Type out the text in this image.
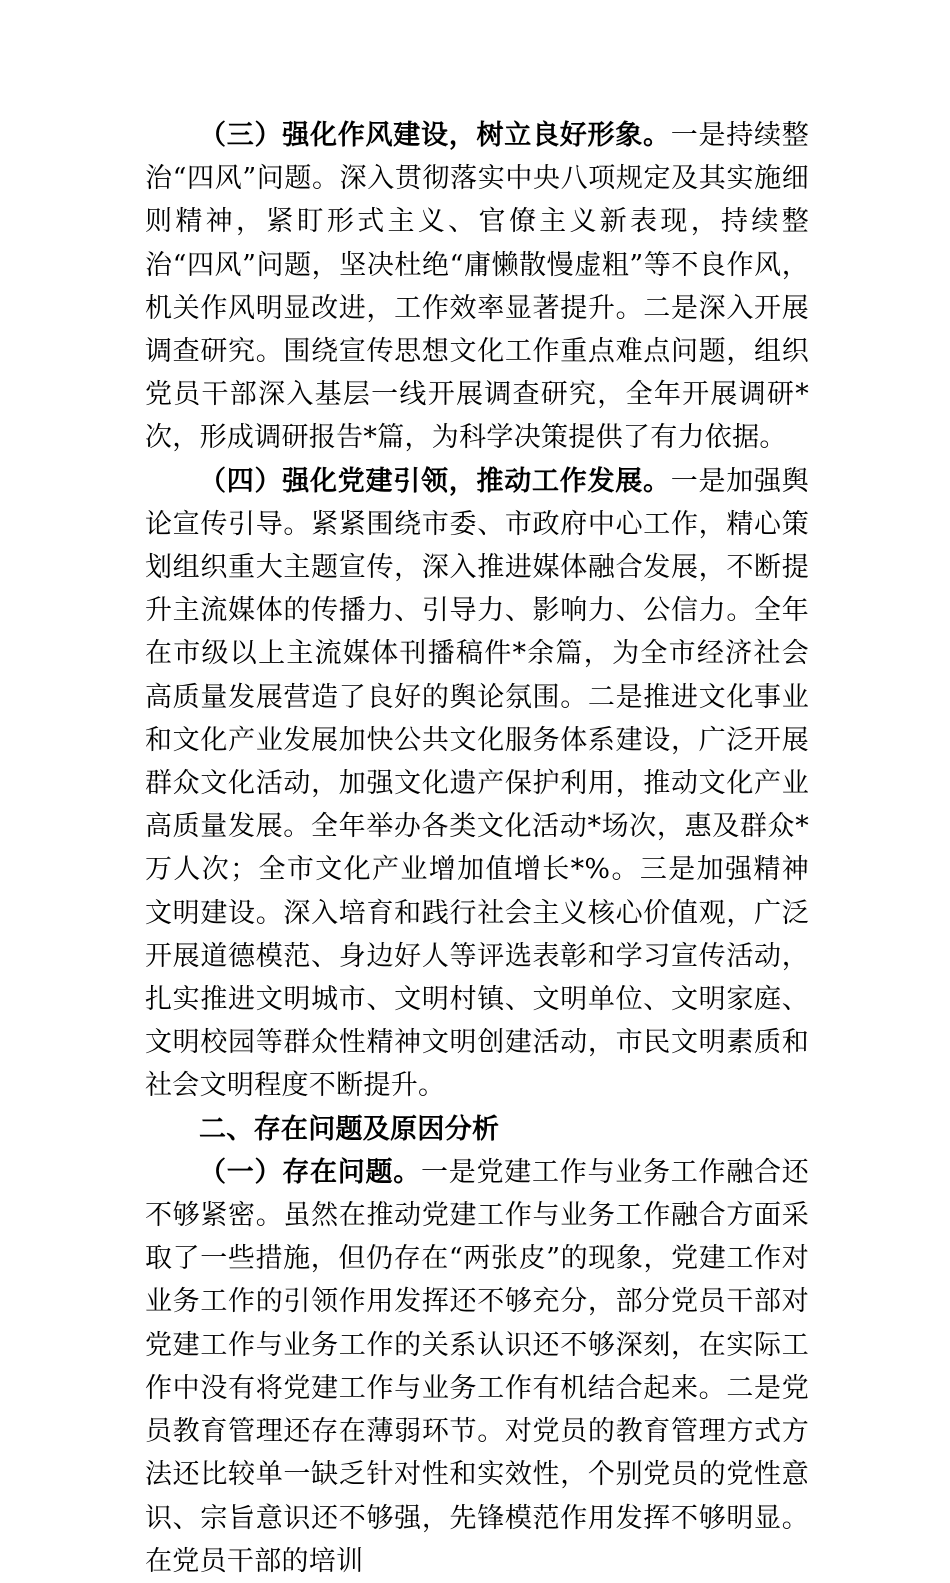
（三）强化作风建设，树立良好形象。一是持续整治“四风”问题。深入贯彻落实中央八项规定及其实施细则精神，紧盯形式主义、官僚主义新表现，持续整治“四风”问题，坚决杜绝“庸懒散慢虚粗”等不良作风，机关作风明显改进，工作效率显著提升。二是深入开展调查研究。围绕宣传思想文化工作重点难点问题，组织党员干部深入基层一线开展调查研究，全年开展调研*次，形成调研报告*篇，为科学决策提供了有力依据。

（四）强化党建引领，推动工作发展。一是加强舆论宣传引导。紧紧围绕市委、市政府中心工作，精心策划组织重大主题宣传，深入推进媒体融合发展，不断提升主流媒体的传播力、引导力、影响力、公信力。全年在市级以上主流媒体刊播稿件*余篇，为全市经济社会高质量发展营造了良好的舆论氛围。二是推进文化事业和文化产业发展加快公共文化服务体系建设，广泛开展群众文化活动，加强文化遗产保护利用，推动文化产业高质量发展。全年举办各类文化活动*场次，惠及群众*万人次；全市文化产业增加值增长*%。三是加强精神文明建设。深入培育和践行社会主义核心价值观，广泛开展道德模范、身边好人等评选表彰和学习宣传活动，扎实推进文明城市、文明村镇、文明单位、文明家庭、文明校园等群众性精神文明创建活动，市民文明素质和社会文明程度不断提升。

二、存在问题及原因分析

（一）存在问题。一是党建工作与业务工作融合还不够紧密。虽然在推动党建工作与业务工作融合方面采取了一些措施，但仍存在“两张皮”的现象，党建工作对业务工作的引领作用发挥还不够充分，部分党员干部对党建工作与业务工作的关系认识还不够深刻，在实际工作中没有将党建工作与业务工作有机结合起来。二是党员教育管理还存在薄弱环节。对党员的教育管理方式方法还比较单一缺乏针对性和实效性，个别党员的党性意识、宗旨意识还不够强，先锋模范作用发挥不够明显。在党员干部的培训
